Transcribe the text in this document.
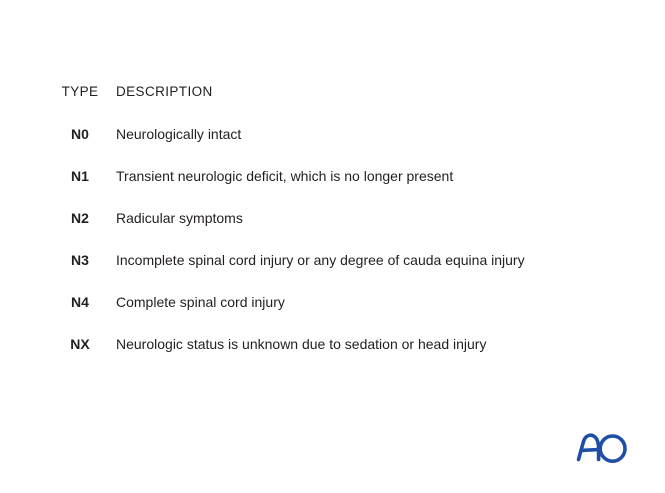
TYPE	DESCRIPTION
N0	Neurologically intact
N1	Transient neurologic deficit, which is no longer present
N2	Radicular symptoms
N3	Incomplete spinal cord injury or any degree of cauda equina injury
N4	Complete spinal cord injury
NX	Neurologic status is unknown due to sedation or head injury
